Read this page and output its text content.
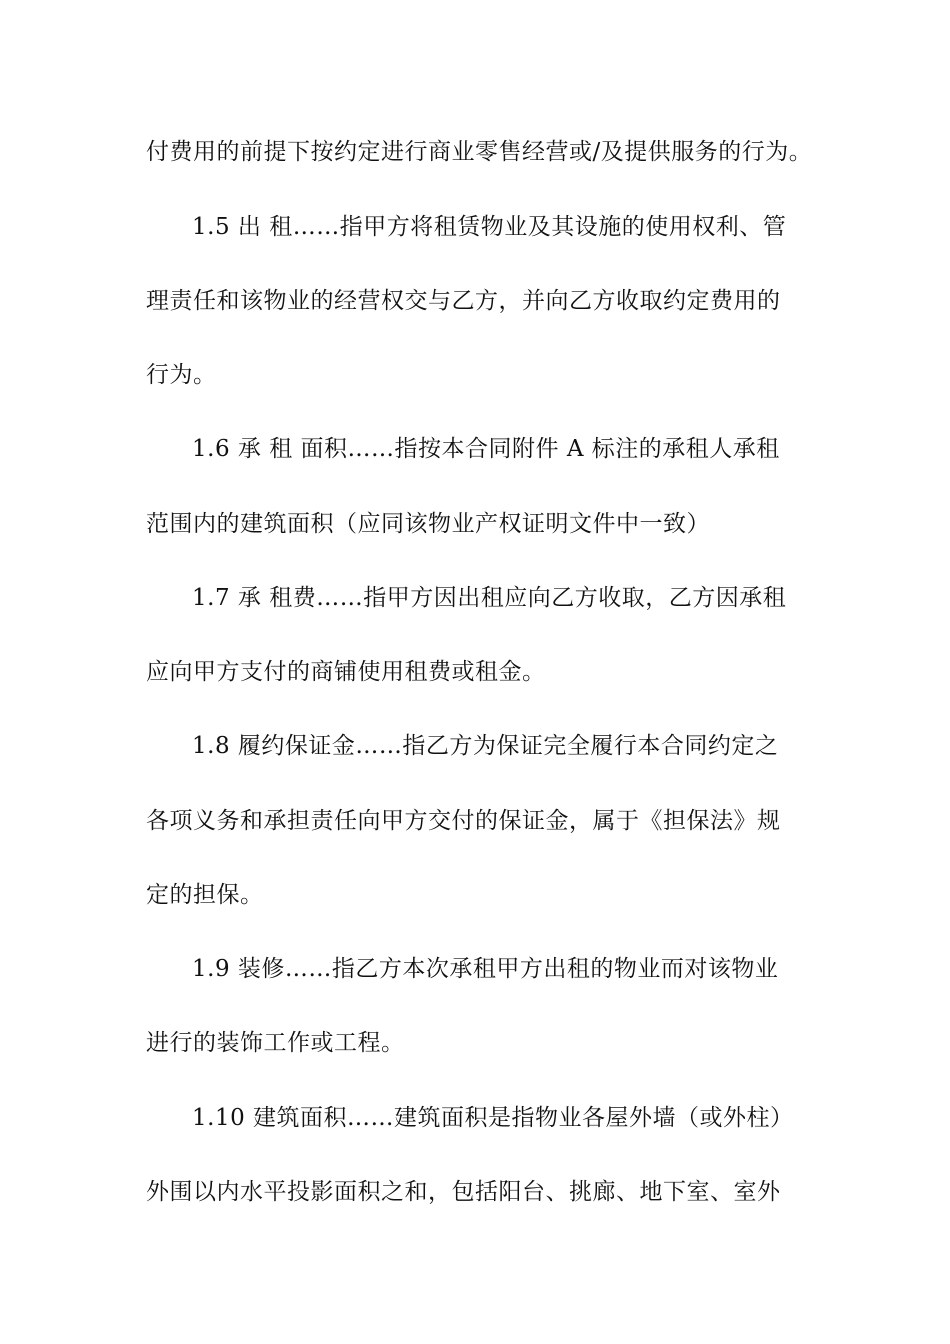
付费用的前提下按约定进行商业零售经营或/及提供服务的行为。
1.5 出 租……指甲方将租赁物业及其设施的使用权利、管
理责任和该物业的经营权交与乙方，并向乙方收取约定费用的
行为。
1.6 承 租 面积……指按本合同附件 A 标注的承租人承租
范围内的建筑面积（应同该物业产权证明文件中一致）
1.7 承 租费……指甲方因出租应向乙方收取，乙方因承租
应向甲方支付的商铺使用租费或租金。
1.8 履约保证金……指乙方为保证完全履行本合同约定之
各项义务和承担责任向甲方交付的保证金，属于《担保法》规
定的担保。
1.9 装修……指乙方本次承租甲方出租的物业而对该物业
进行的装饰工作或工程。
1.10 建筑面积……建筑面积是指物业各屋外墙（或外柱）
外围以内水平投影面积之和，包括阳台、挑廊、地下室、室外
